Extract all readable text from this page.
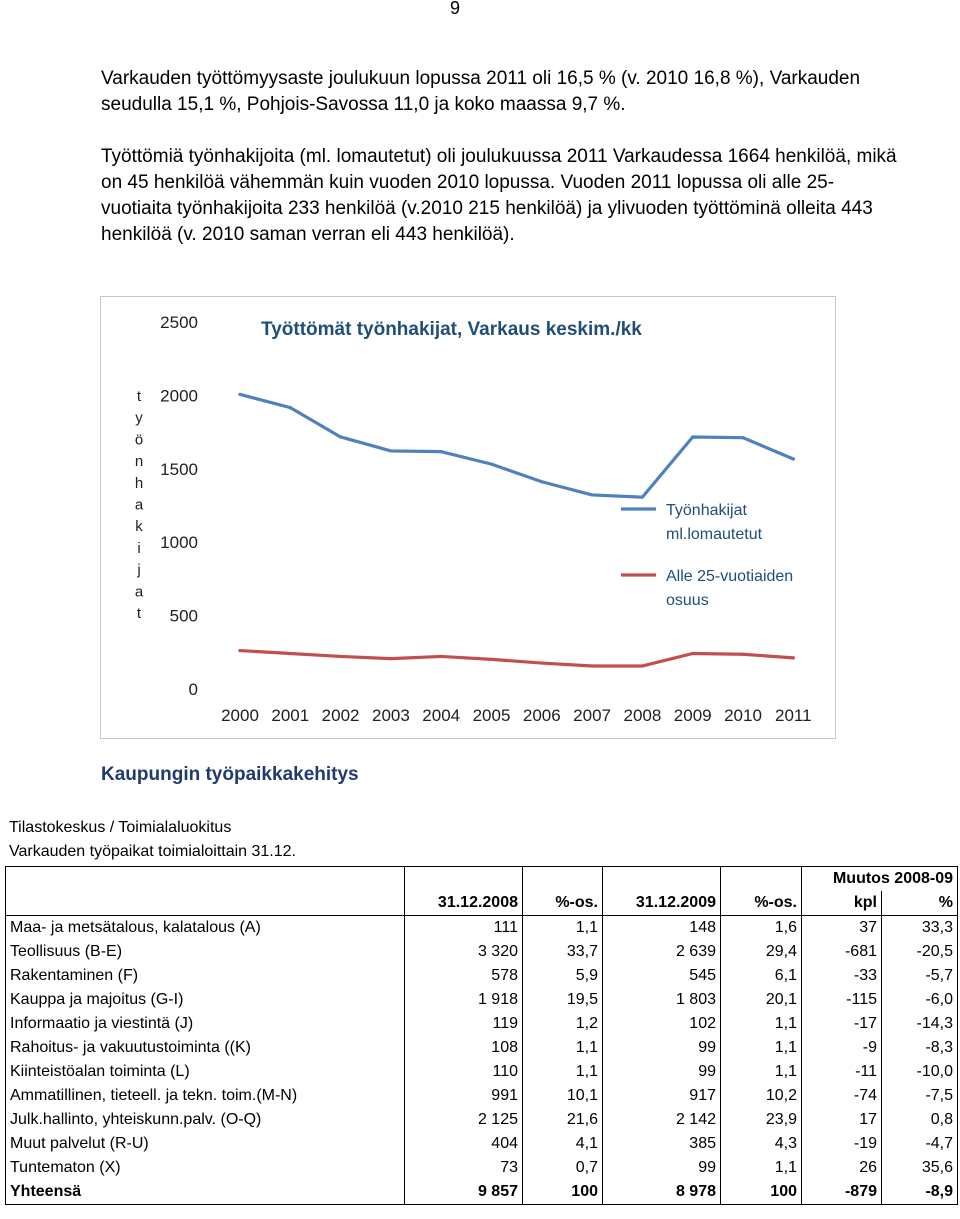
9

Varkauden työttömyysaste joulukuun lopussa 2011 oli 16,5 % (v. 2010 16,8 %), Varkauden seudulla 15,1 %, Pohjois-Savossa 11,0 ja koko maassa 9,7 %.

Työttömiä työnhakijoita (ml. lomautetut) oli joulukuussa 2011 Varkaudessa 1664 henkilöä, mikä on 45 henkilöä vähemmän kuin vuoden 2010 lopussa. Vuoden 2011 lopussa oli alle 25-vuotiaita työnhakijoita 233 henkilöä (v.2010 215 henkilöä) ja ylivuoden työttöminä olleita 443 henkilöä (v. 2010 saman verran eli 443 henkilöä).

Työttömät työnhakijat, Varkaus keskim./kk
0
500
1000
1500
2000
2500
t
y
ö
n
h
a
k
i
j
a
t
2000 2001 2002 2003 2004 2005 2006 2007 2008 2009 2010 2011
Työnhakijat
ml.lomautetut
Alle 25-vuotiaiden
osuus
Kaupungin työpaikkakehitys

Tilastokeskus / Toimialaluokitus

Varkauden työpaikat toimialoittain 31.12.

					Muutos 2008-09	
	31.12.2008	%-os.	31.12.2009	%-os.	kpl	%
Maa- ja metsätalous, kalatalous (A)	111	1,1	148	1,6	37	33,3
Teollisuus (B-E)	3 320	33,7	2 639	29,4	-681	-20,5
Rakentaminen (F)	578	5,9	545	6,1	-33	-5,7
Kauppa ja majoitus (G-I)	1 918	19,5	1 803	20,1	-115	-6,0
Informaatio ja viestintä (J)	119	1,2	102	1,1	-17	-14,3
Rahoitus- ja vakuutustoiminta ((K)	108	1,1	99	1,1	-9	-8,3
Kiinteistöalan toiminta (L)	110	1,1	99	1,1	-11	-10,0
Ammatillinen, tieteell. ja tekn. toim.(M-N)	991	10,1	917	10,2	-74	-7,5
Julk.hallinto, yhteiskunn.palv. (O-Q)	2 125	21,6	2 142	23,9	17	0,8
Muut palvelut (R-U)	404	4,1	385	4,3	-19	-4,7
Tuntematon (X)	73	0,7	99	1,1	26	35,6
Yhteensä	9 857	100	8 978	100	-879	-8,9
